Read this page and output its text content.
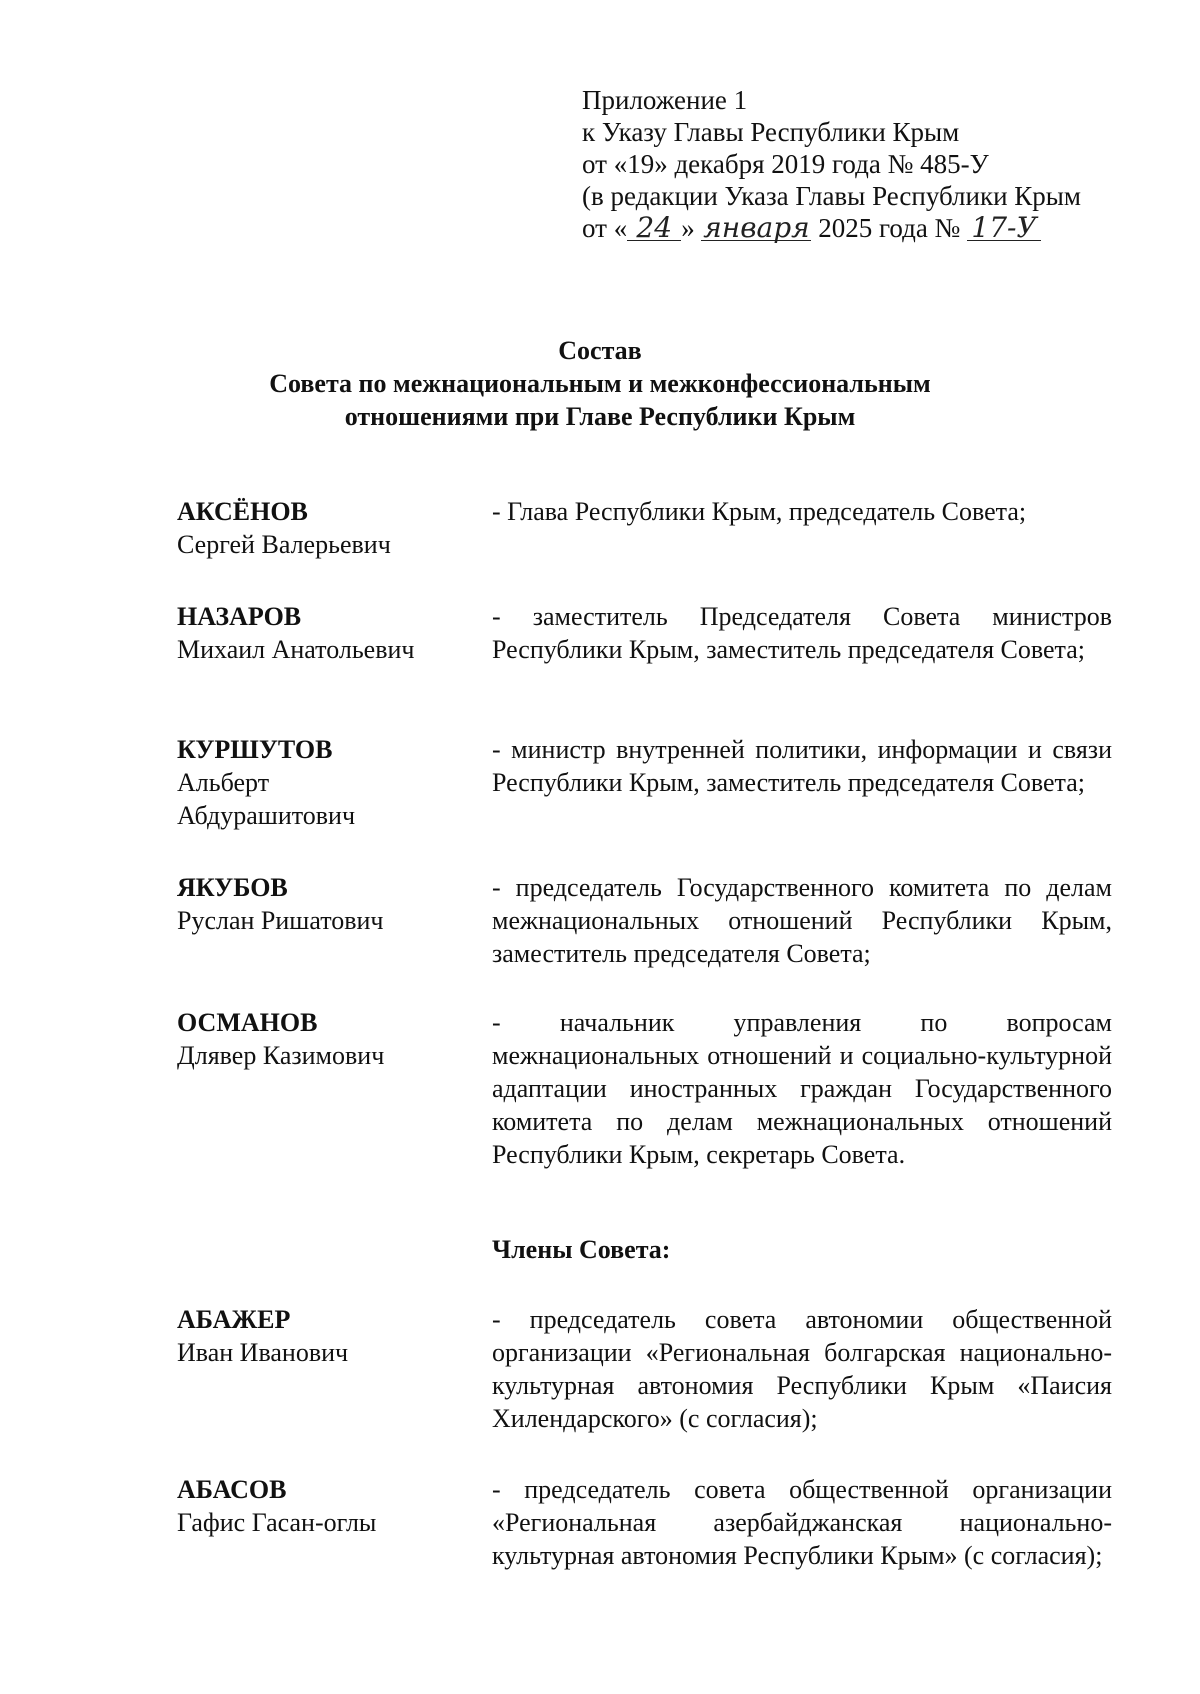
Приложение 1
к Указу Главы Республики Крым
от «19» декабря 2019 года № 485-У
(в редакции Указа Главы Республики Крым
от « 24 » января 2025 года № 17-У
Состав
Совета по межнациональным и межконфессиональным
отношениями при Главе Республики Крым
АКСЁНОВ
Сергей Валерьевич
- Глава Республики Крым, председатель Совета;
НАЗАРОВ
Михаил Анатольевич
- заместитель Председателя Совета министров Республики Крым, заместитель председателя Совета;
КУРШУТОВ
Альберт Абдурашитович
- министр внутренней политики, информации и связи Республики Крым, заместитель председателя Совета;
ЯКУБОВ
Руслан Ришатович
- председатель Государственного комитета по делам межнациональных отношений Республики Крым, заместитель председателя Совета;
ОСМАНОВ
Длявер Казимович
- начальник управления по вопросам межнациональных отношений и социально-культурной адаптации иностранных граждан Государственного комитета по делам межнациональных отношений Республики Крым, секретарь Совета.
Члены Совета:
АБАЖЕР
Иван Иванович
- председатель совета автономии общественной организации «Региональная болгарская национально-культурная автономия Республики Крым «Паисия Хилендарского» (с согласия);
АБАСОВ
Гафис Гасан-оглы
- председатель совета общественной организации «Региональная азербайджанская национально-культурная автономия Республики Крым» (с согласия);
